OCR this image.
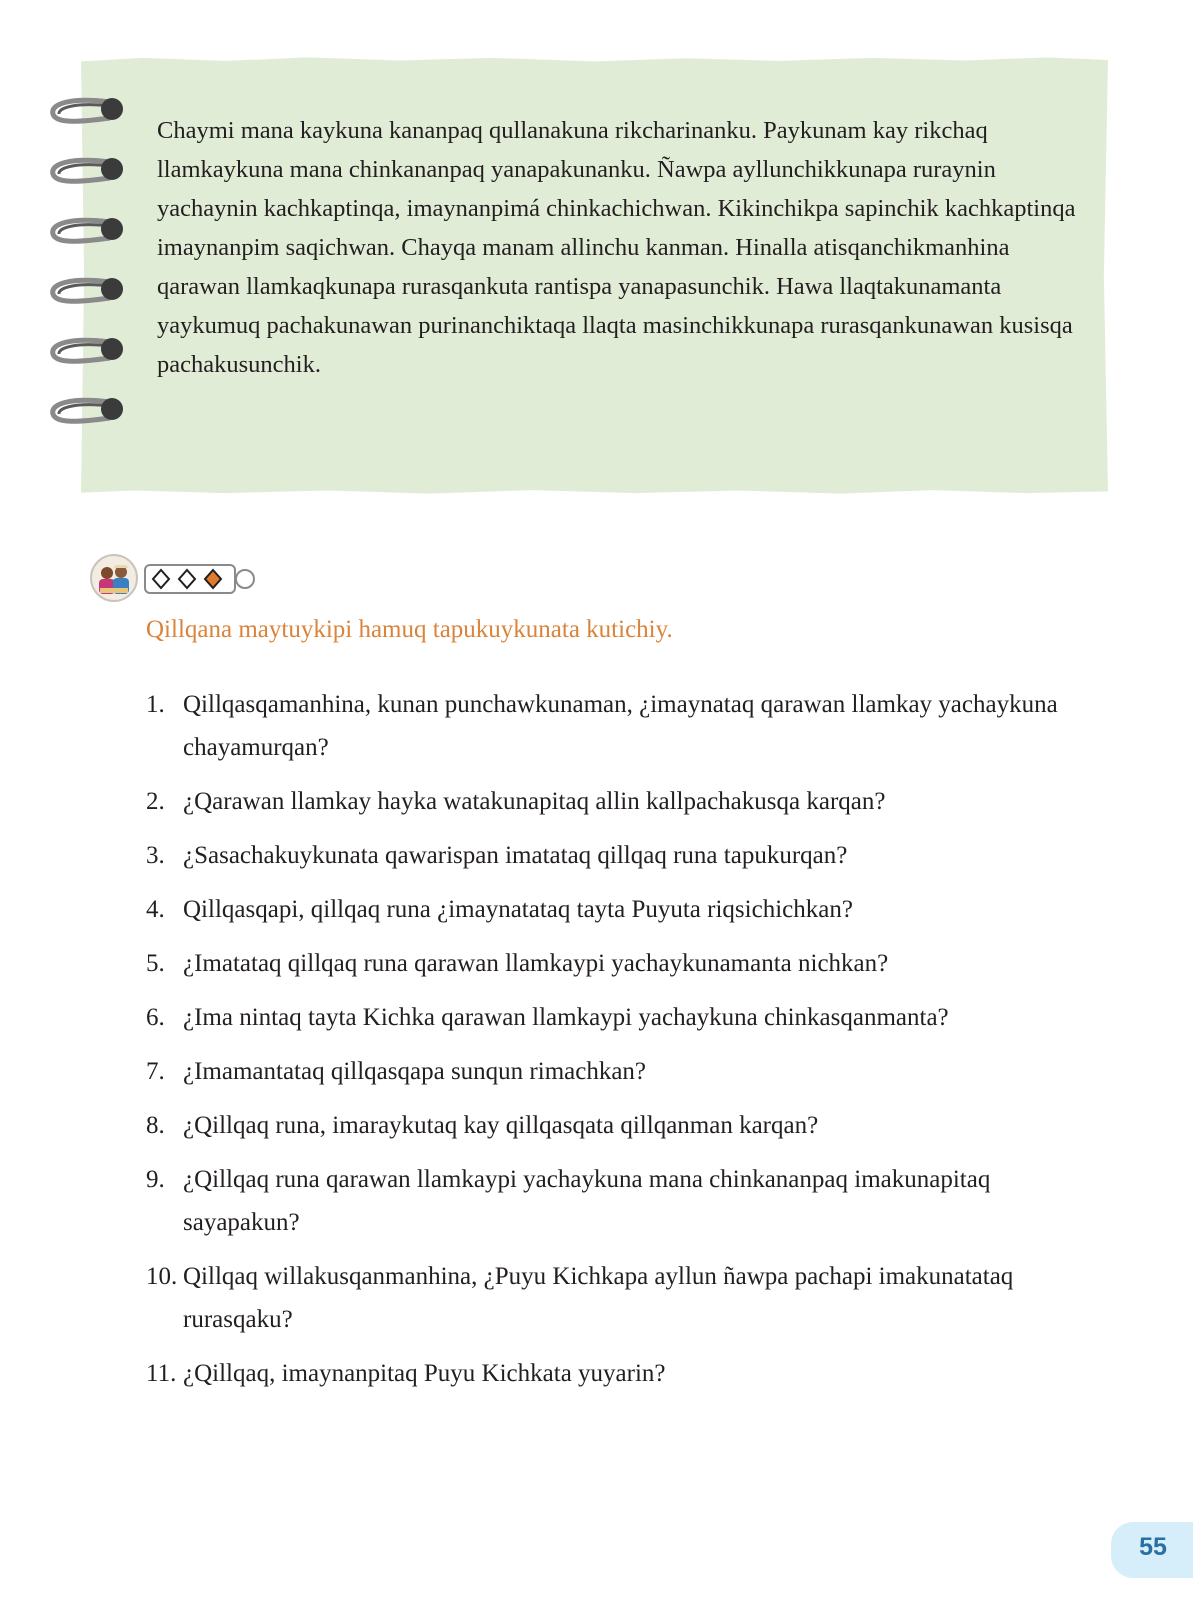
Chaymi mana kaykuna kananpaq qullanakuna rikcharinanku. Paykunam kay rikchaq llamkaykuna mana chinkananpaq yanapakunanku. Ñawpa ayllunchikkunapa ruraynin yachaynin kachkaptinqa, imaynanpimá chinkachichwan. Kikinchikpa sapinchik kachkaptinqa imaynanpim saqichwan. Chayqa manam allinchu kanman. Hinalla atisqanchikmanhina qarawan llamkaqkunapa rurasqankuta rantispa yanapasunchik. Hawa llaqtakunamanta yaykumuq pachakunawan purinanchiktaqa llaqta masinchikkunapa rurasqankunawan kusisqa pachakusunchik.

Qillqana maytuykipi hamuq tapukuykunata kutichiy.

1. Qillqasqamanhina, kunan punchawkunaman, ¿imaynataq qarawan llamkay yachaykuna chayamurqan?
2. ¿Qarawan llamkay hayka watakunapitaq allin kallpachakusqa karqan?
3. ¿Sasachakuykunata qawarispan imatataq qillqaq runa tapukurqan?
4. Qillqasqapi, qillqaq runa ¿imaynatataq tayta Puyuta riqsichichkan?
5. ¿Imatataq qillqaq runa qarawan llamkaypi yachaykunamanta nichkan?
6. ¿Ima nintaq tayta Kichka qarawan llamkaypi yachaykuna chinkasqanmanta?
7. ¿Imamantataq qillqasqapa sunqun rimachkan?
8. ¿Qillqaq runa, imaraykutaq kay qillqasqata qillqanman karqan?
9. ¿Qillqaq runa qarawan llamkaypi yachaykuna mana chinkananpaq imakunapitaq sayapakun?
10. Qillqaq willakusqanmanhina, ¿Puyu Kichkapa ayllun ñawpa pachapi imakunatataq rurasqaku?
11. ¿Qillqaq, imaynanpitaq Puyu Kichkata yuyarin?
55
